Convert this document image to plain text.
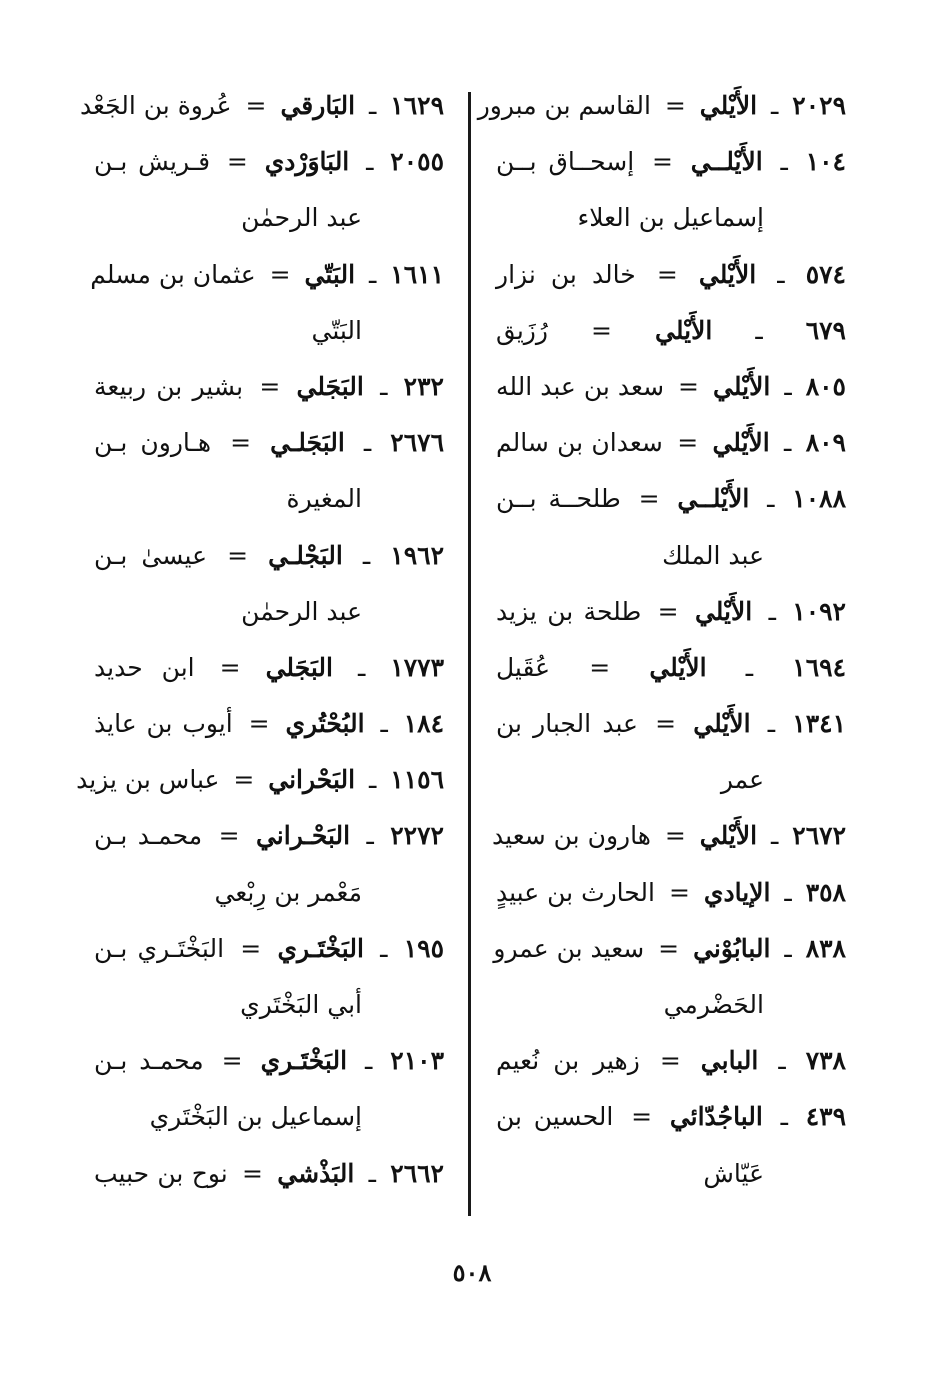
٢٠٢٩ ـ الأَيْلي = القاسم بن مبرور
١٠٤ ـ الأَيْلــي = إسحــاق بــن
إسماعيل بن العلاء
٥٧٤ ـ الأَيْلي = خالد بن نزار
٦٧٩ ـ الأَيْلي = رُزَيق
٨٠٥ ـ الأَيْلي = سعد بن عبد الله
٨٠٩ ـ الأَيْلي = سعدان بن سالم
١٠٨٨ ـ الأَيْلــي = طلحــة بــن
عبد الملك
١٠٩٢ ـ الأَيْلي = طلحة بن يزيد
١٦٩٤ ـ الأَيْلي = عُقَيل
١٣٤١ ـ الأَيْلي = عبد الجبار بن
عمر
٢٦٧٢ ـ الأَيْلي = هارون بن سعيد
٣٥٨ ـ الإيادي = الحارث بن عبيدٍ
٨٣٨ ـ البابُوْني = سعيد بن عمرو
الحَضْرمي
٧٣٨ ـ البابي = زهير بن نُعيم
٤٣٩ ـ الباجُدّائي = الحسين بن
عَيّاش
١٦٢٩ ـ البَارقي = عُروة بن الجَعْد
٢٠٥٥ ـ البَاوَرْدي = قـريش بـن
عبد الرحمٰن
١٦١١ ـ البَتّي = عثمان بن مسلم
البَتّي
٢٣٢ ـ البَجَلي = بشير بن ربيعة
٢٦٧٦ ـ البَجَلـي = هـارون بـن
المغيرة
١٩٦٢ ـ البَجْلـي = عيسىٰ بـن
عبد الرحمٰن
١٧٧٣ ـ البَجَلي = ابن حديد
١٨٤ ـ البُحْتُري = أيوب بن عايذ
١١٥٦ ـ البَحْراني = عباس بن يزيد
٢٢٧٢ ـ البَحْـراني = محمـد بـن
مَعْمر بن رِبْعي
١٩٥ ـ البَخْتَـري = البَخْتَـري بـن
أبي البَخْتَري
٢١٠٣ ـ البَخْتَـري = محمـد بـن
إسماعيل بن البَخْتَري
٢٦٦٢ ـ البَذْشي = نوح بن حبيب
٥٠٨
